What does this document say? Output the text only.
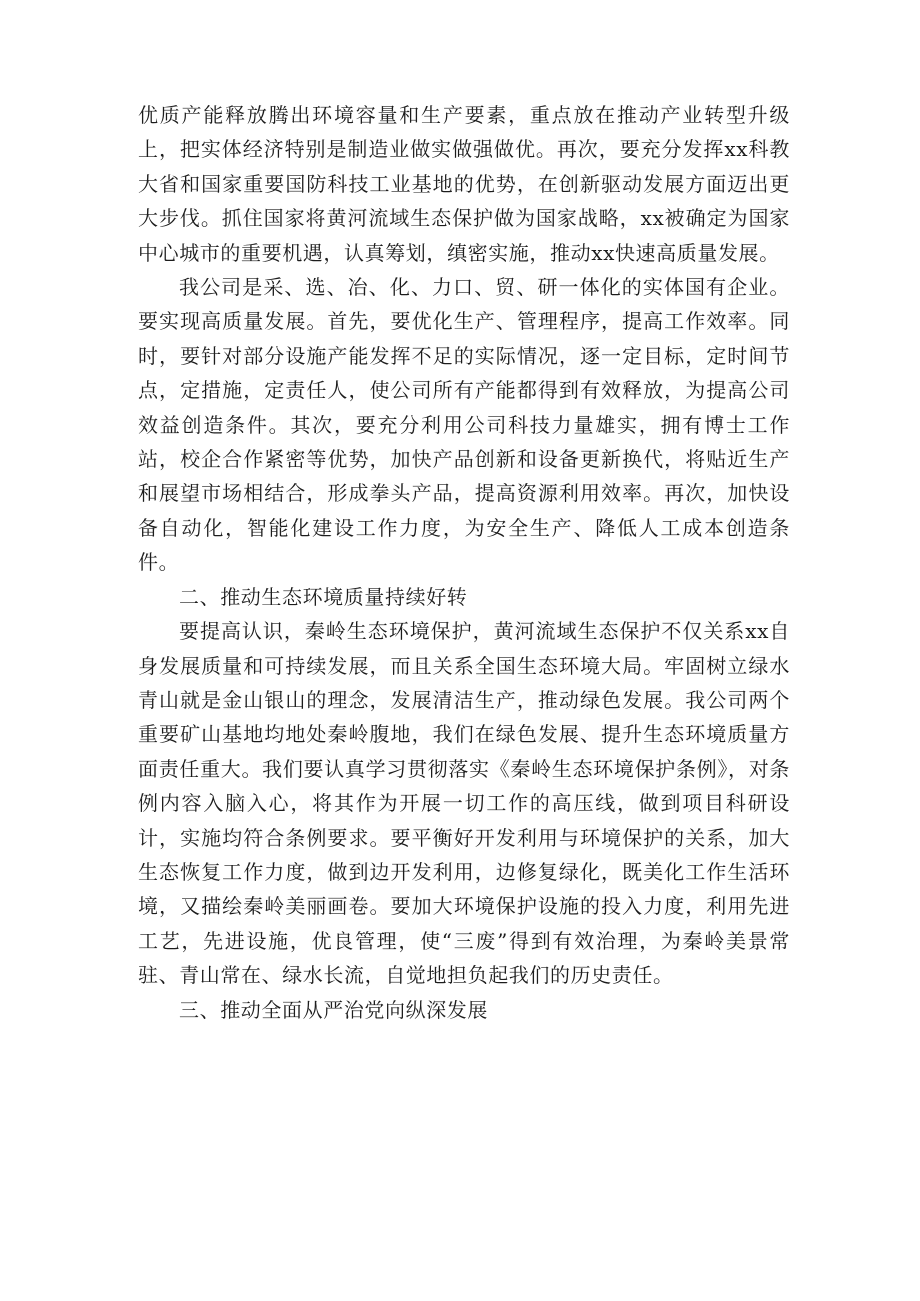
优质产能释放腾出环境容量和生产要素，重点放在推动产业转型升级上，把实体经济特别是制造业做实做强做优。再次，要充分发挥xx科教大省和国家重要国防科技工业基地的优势，在创新驱动发展方面迈出更大步伐。抓住国家将黄河流域生态保护做为国家战略，xx被确定为国家中心城市的重要机遇，认真筹划，缜密实施，推动xx快速高质量发展。

我公司是采、选、冶、化、力口、贸、研一体化的实体国有企业。要实现高质量发展。首先，要优化生产、管理程序，提高工作效率。同时，要针对部分设施产能发挥不足的实际情况，逐一定目标，定时间节点，定措施，定责任人，使公司所有产能都得到有效释放，为提高公司效益创造条件。其次，要充分利用公司科技力量雄实，拥有博士工作站，校企合作紧密等优势，加快产品创新和设备更新换代，将贴近生产和展望市场相结合，形成拳头产品，提高资源利用效率。再次，加快设备自动化，智能化建设工作力度，为安全生产、降低人工成本创造条件。

二、推动生态环境质量持续好转

要提高认识，秦岭生态环境保护，黄河流域生态保护不仅关系xx自身发展质量和可持续发展，而且关系全国生态环境大局。牢固树立绿水青山就是金山银山的理念，发展清洁生产，推动绿色发展。我公司两个重要矿山基地均地处秦岭腹地，我们在绿色发展、提升生态环境质量方面责任重大。我们要认真学习贯彻落实《秦岭生态环境保护条例》，对条例内容入脑入心，将其作为开展一切工作的高压线，做到项目科研设计，实施均符合条例要求。要平衡好开发利用与环境保护的关系，加大生态恢复工作力度，做到边开发利用，边修复绿化，既美化工作生活环境，又描绘秦岭美丽画卷。要加大环境保护设施的投入力度，利用先进工艺，先进设施，优良管理，使“三废”得到有效治理，为秦岭美景常驻、青山常在、绿水长流，自觉地担负起我们的历史责任。

三、推动全面从严治党向纵深发展
